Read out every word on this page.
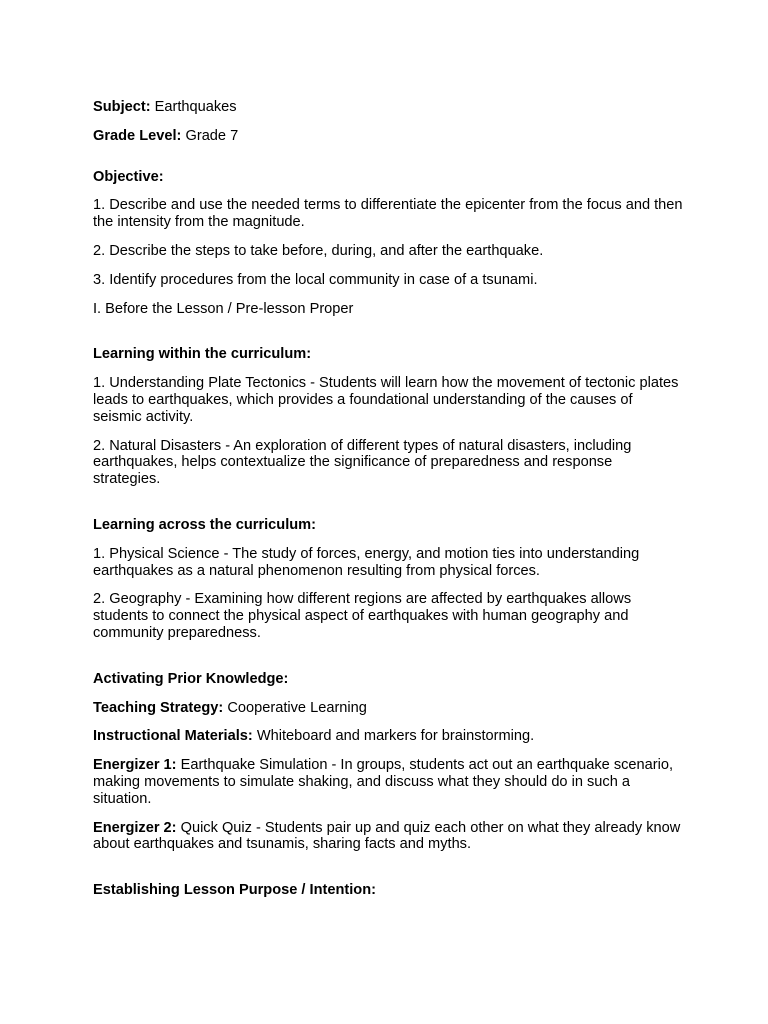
Subject: Earthquakes

Grade Level: Grade 7

Objective:

1. Describe and use the needed terms to differentiate the epicenter from the focus and then the intensity from the magnitude.

2. Describe the steps to take before, during, and after the earthquake.

3. Identify procedures from the local community in case of a tsunami.

I. Before the Lesson / Pre-lesson Proper

Learning within the curriculum:

1. Understanding Plate Tectonics - Students will learn how the movement of tectonic plates leads to earthquakes, which provides a foundational understanding of the causes of seismic activity.

2. Natural Disasters - An exploration of different types of natural disasters, including earthquakes, helps contextualize the significance of preparedness and response strategies.

Learning across the curriculum:

1. Physical Science - The study of forces, energy, and motion ties into understanding earthquakes as a natural phenomenon resulting from physical forces.

2. Geography - Examining how different regions are affected by earthquakes allows students to connect the physical aspect of earthquakes with human geography and community preparedness.

Activating Prior Knowledge:

Teaching Strategy: Cooperative Learning

Instructional Materials: Whiteboard and markers for brainstorming.

Energizer 1: Earthquake Simulation - In groups, students act out an earthquake scenario, making movements to simulate shaking, and discuss what they should do in such a situation.

Energizer 2: Quick Quiz - Students pair up and quiz each other on what they already know about earthquakes and tsunamis, sharing facts and myths.

Establishing Lesson Purpose / Intention:
